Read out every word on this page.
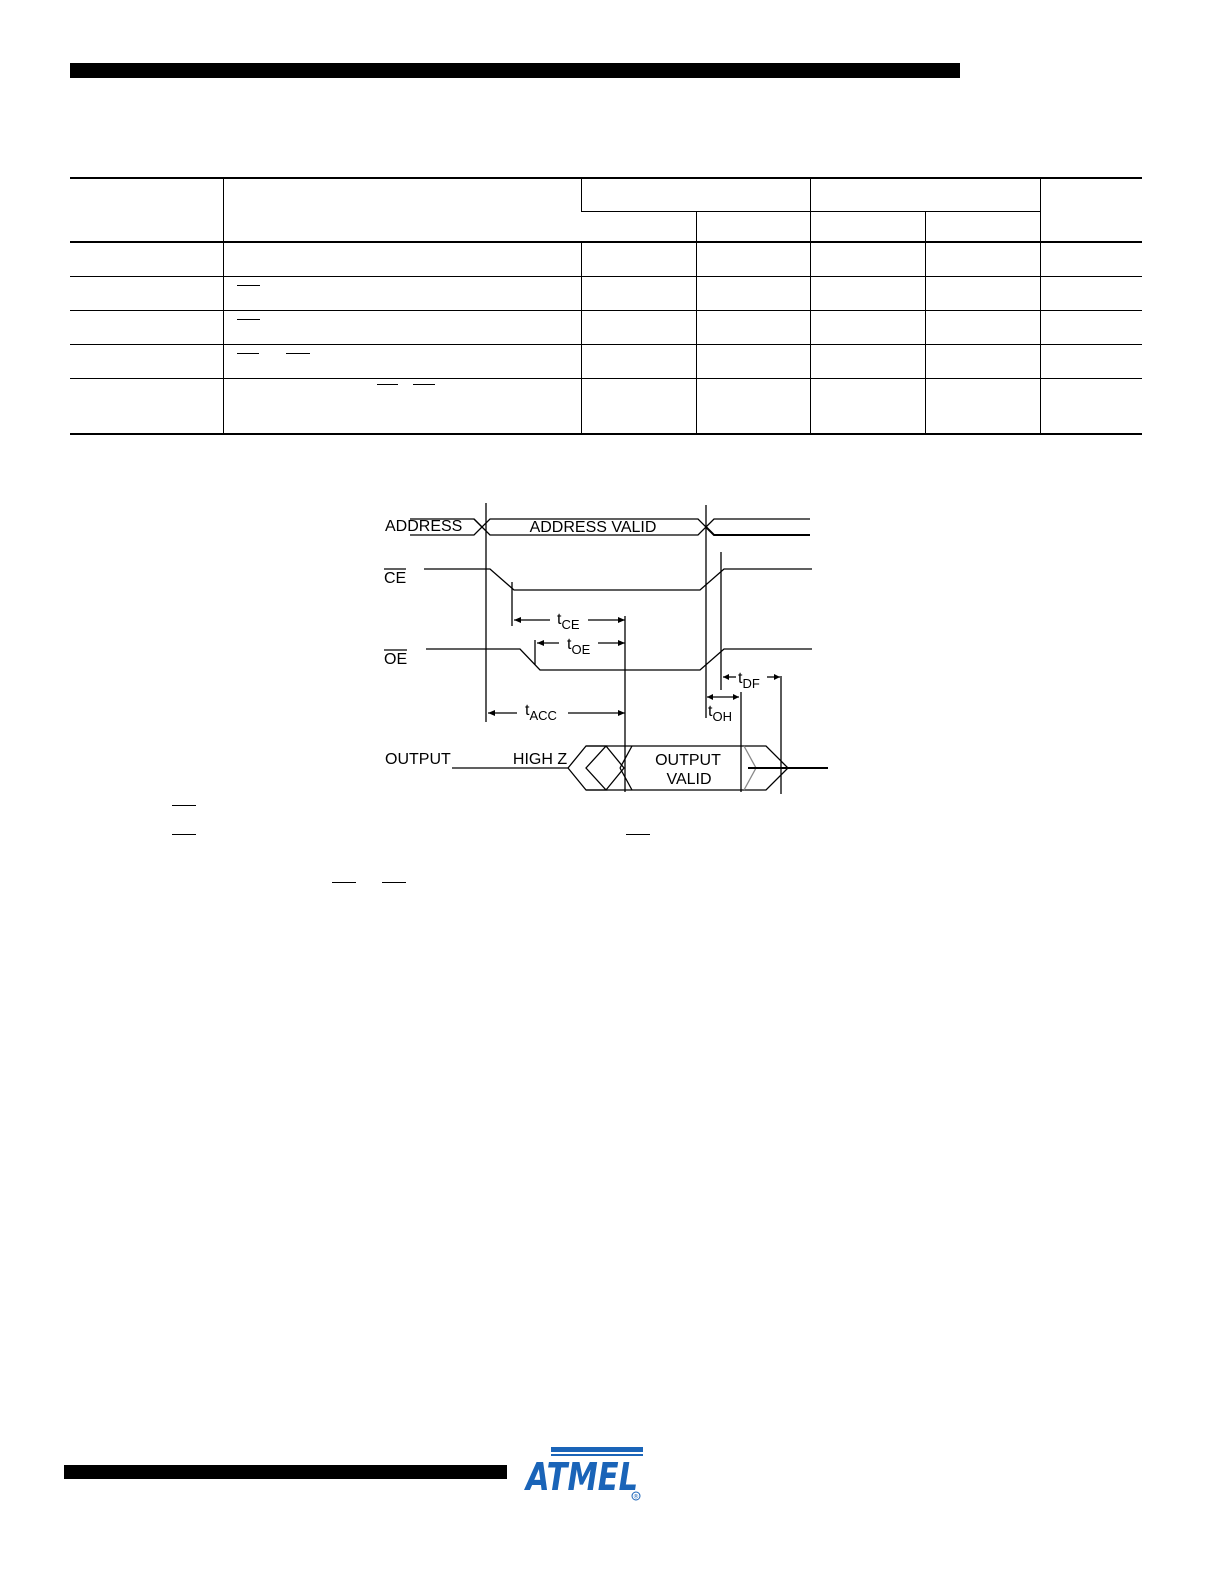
ADDRESS	ADDRESS VALID
CE
OE
OUTPUT	HIGH Z	OUTPUT
VALID
$t_{CE}$
$t_{OE}$
$t_{ACC}$	$t_{OH}$
$t_{DF}$
ATMEL
®
